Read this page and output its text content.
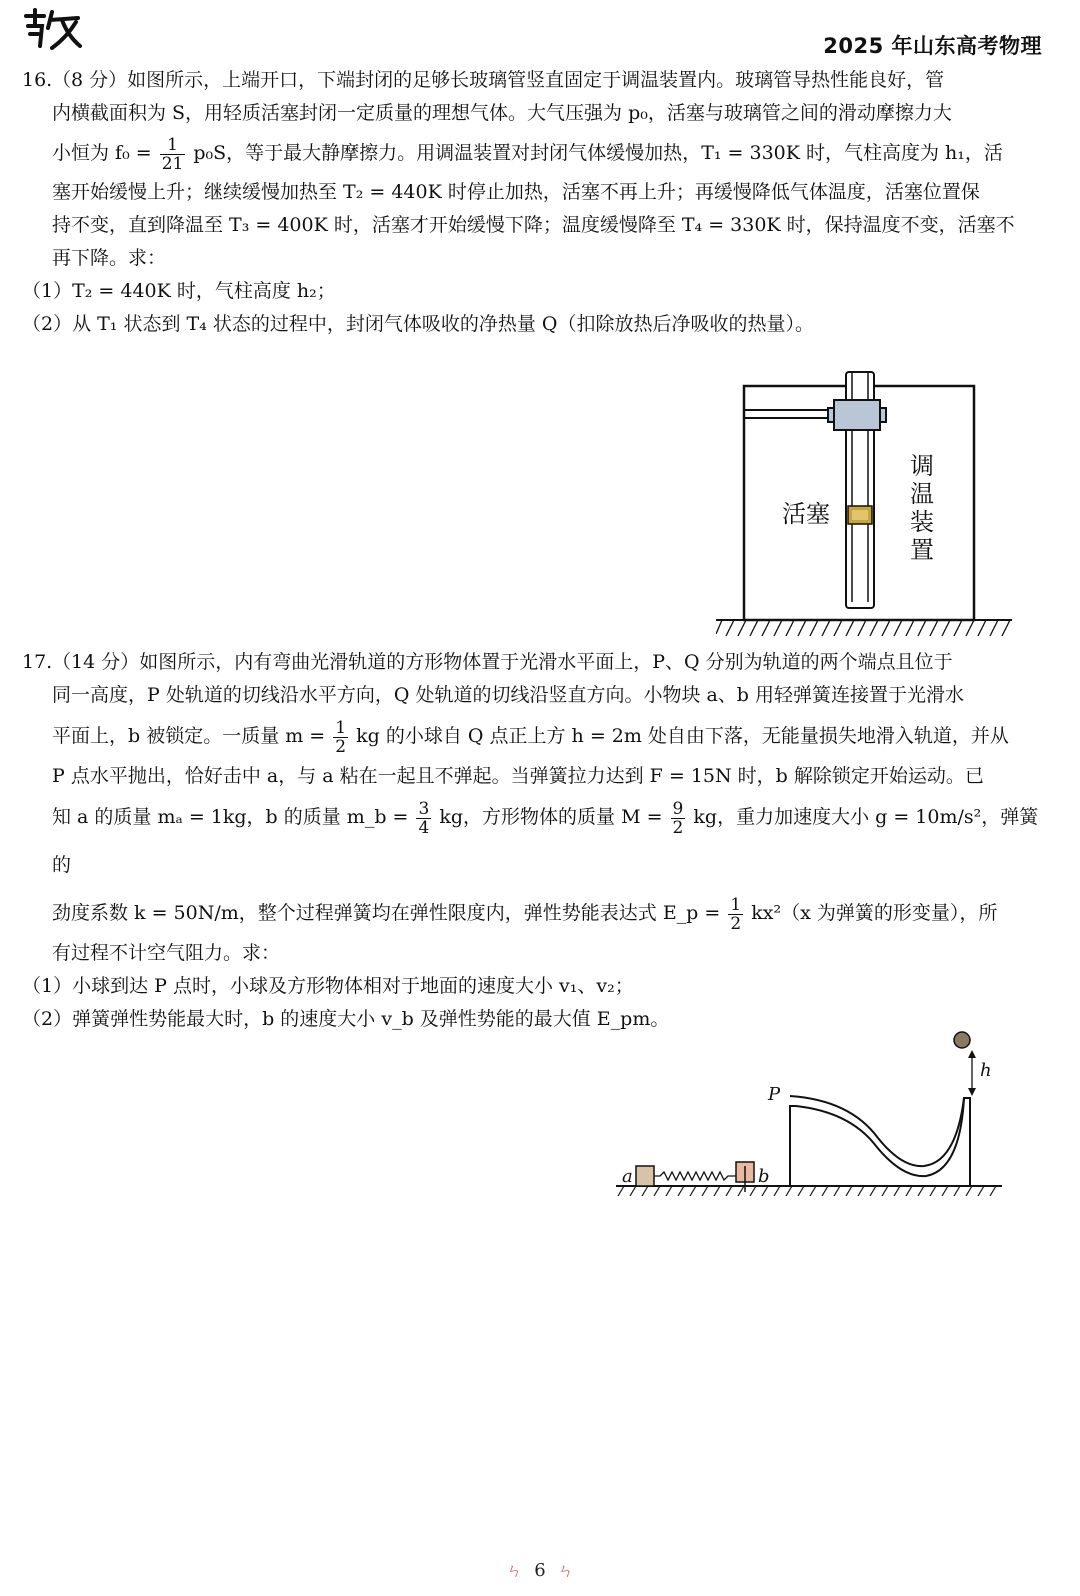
2025 年山东高考物理

16.（8 分）如图所示，上端开口，下端封闭的足够长玻璃管竖直固定于调温装置内。玻璃管导热性能良好，管

内横截面积为 S，用轻质活塞封闭一定质量的理想气体。大气压强为 p₀，活塞与玻璃管之间的滑动摩擦力大

小恒为 $f_0 = \frac{1}{21} p_0S$，等于最大静摩擦力。用调温装置对封闭气体缓慢加热，T₁ = 330K 时，气柱高度为 h₁，活

塞开始缓慢上升；继续缓慢加热至 T₂ = 440K 时停止加热，活塞不再上升；再缓慢降低气体温度，活塞位置保

持不变，直到降温至 T₃ = 400K 时，活塞才开始缓慢下降；温度缓慢降至 T₄ = 330K 时，保持温度不变，活塞不

再下降。求：

（1）T₂ = 440K 时，气柱高度 h₂；

（2）从 T₁ 状态到 T₄ 状态的过程中，封闭气体吸收的净热量 Q（扣除放热后净吸收的热量）。

活塞
调
温
装
置

17.（14 分）如图所示，内有弯曲光滑轨道的方形物体置于光滑水平面上，P、Q 分别为轨道的两个端点且位于

同一高度，P 处轨道的切线沿水平方向，Q 处轨道的切线沿竖直方向。小物块 a、b 用轻弹簧连接置于光滑水

平面上，b 被锁定。一质量 $m = \frac{1}{2}$ kg 的小球自 Q 点正上方 h = 2m 处自由下落，无能量损失地滑入轨道，并从

P 点水平抛出，恰好击中 a，与 a 粘在一起且不弹起。当弹簧拉力达到 F = 15N 时，b 解除锁定开始运动。已

知 a 的质量 mₐ = 1kg，b 的质量 m_b = $\frac{3}{4}$ kg，方形物体的质量 $M = \frac{9}{2}$ kg，重力加速度大小 g = 10m/s²，弹簧的

劲度系数 k = 50N/m，整个过程弹簧均在弹性限度内，弹性势能表达式 E_p = $\frac{1}{2} kx^2(x$ 为弹簧的形变量），所

有过程不计空气阻力。求：

（1）小球到达 P 点时，小球及方形物体相对于地面的速度大小 v₁、v₂；

（2）弹簧弹性势能最大时，b 的速度大小 v_b 及弹性势能的最大值 E_pm。

P
h
a	b
ㄣ 6 ㄣ
